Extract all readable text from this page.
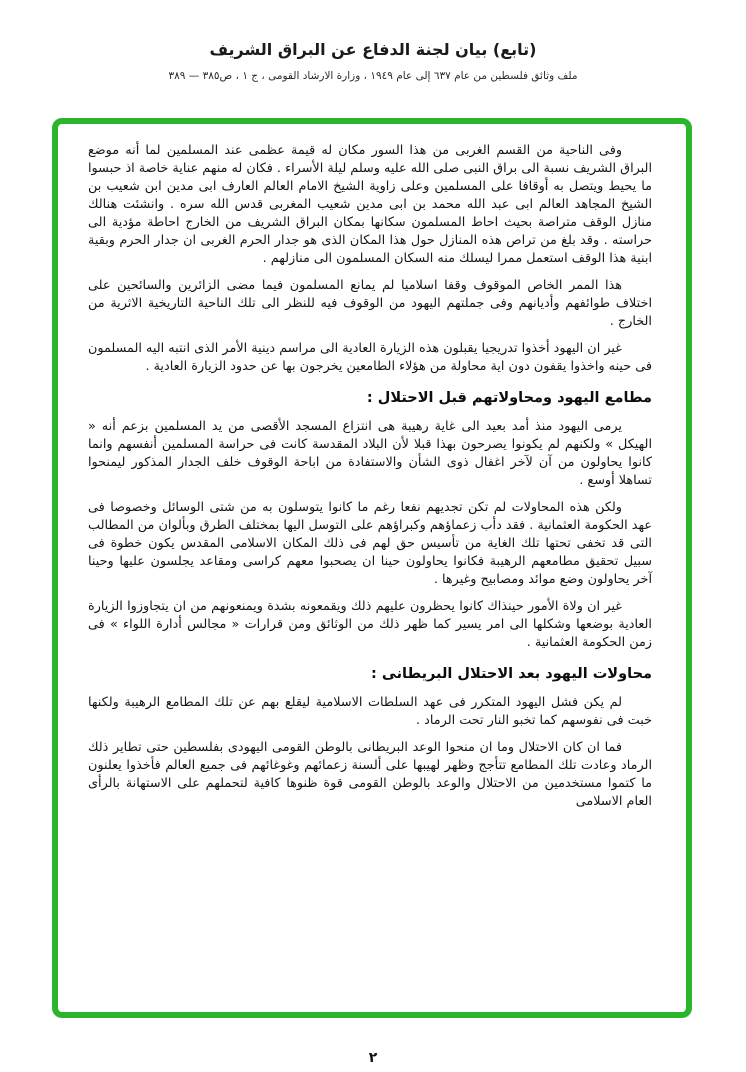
(تابع) بيان لجنة الدفاع عن البراق الشريف
ملف وثائق فلسطين من عام ٦٣٧ إلى عام ١٩٤٩ ، وزارة الارشاد القومى ، ج ١ ، ص٣٨٥ — ٣٨٩

وفى الناحية من القسم الغربى من هذا السور مكان له قيمة عظمى عند المسلمين لما أنه موضع البراق الشريف نسبة الى براق النبى صلى الله عليه وسلم ليلة الأسراء . فكان له منهم عناية خاصة اذ حبسوا ما يحيط ويتصل به أوقافا على المسلمين وعلى زاوية الشيخ الامام العالم العارف ابى مدين ابن شعيب بن الشيخ المجاهد العالم ابى عبد الله محمد بن ابى مدين شعيب المغربى قدس الله سره . وانشئت هنالك منازل الوقف متراصة بحيث احاط المسلمون سكانها بمكان البراق الشريف من الخارج احاطة مؤدية الى حراسته . وقد بلغ من تراص هذه المنازل حول هذا المكان الذى هو جدار الحرم الغربى ان جدار الحرم وبقية ابنية هذا الوقف استعمل ممرا ليسلك منه السكان المسلمون الى منازلهم .

هذا الممر الخاص الموقوف وقفا اسلاميا لم يمانع المسلمون فيما مضى الزائرين والسائحين على اختلاف طوائفهم وأديانهم وفى جملتهم اليهود من الوقوف فيه للنظر الى تلك الناحية التاريخية الاثرية من الخارج .

غير ان اليهود أخذوا تدريجيا يقبلون هذه الزيارة العادية الى مراسم دينية الأمر الذى انتبه اليه المسلمون فى حينه واخذوا يقفون دون اية محاولة من هؤلاء الطامعين يخرجون بها عن حدود الزيارة العادية .

مطامع اليهود ومحاولاتهم قبل الاحتلال :

يرمى اليهود منذ أمد بعيد الى غاية رهيبة هى انتزاع المسجد الأقصى من يد المسلمين بزعم أنه « الهيكل » ولكنهم لم يكونوا يصرحون بهذا قبلا لأن البلاد المقدسة كانت فى حراسة المسلمين أنفسهم وانما كانوا يحاولون من آن لآخر اغفال ذوى الشأن والاستفادة من اباحة الوقوف خلف الجدار المذكور ليمنحوا تساهلا أوسع .

ولكن هذه المحاولات لم تكن تجديهم نفعا رغم ما كانوا يتوسلون به من شتى الوسائل وخصوصا فى عهد الحكومة العثمانية . فقد دأب زعماؤهم وكبراؤهم على التوسل اليها بمختلف الطرق وبألوان من المطالب التى قد تخفى تحتها تلك الغاية من تأسيس حق لهم فى ذلك المكان الاسلامى المقدس يكون خطوة فى سبيل تحقيق مطامعهم الرهيبة فكانوا يحاولون حينا ان يصحبوا معهم كراسى ومقاعد يجلسون عليها وحينا آخر يحاولون وضع موائد ومصابيح وغيرها .

غير ان ولاة الأمور حينذاك كانوا يحظرون عليهم ذلك ويقمعونه بشدة ويمنعونهم من ان يتجاوزوا الزيارة العادية بوضعها وشكلها الى امر يسير كما ظهر ذلك من الوثائق ومن قرارات « مجالس أدارة اللواء » فى زمن الحكومة العثمانية .

محاولات اليهود بعد الاحتلال البريطانى :

لم يكن فشل اليهود المتكرر فى عهد السلطات الاسلامية ليقلع بهم عن تلك المطامع الرهيبة ولكنها خبت فى نفوسهم كما تخبو النار تحت الرماد .

فما ان كان الاحتلال وما ان منحوا الوعد البريطانى بالوطن القومى اليهودى بفلسطين حتى تطاير ذلك الرماد وعادت تلك المطامع تتأجج وظهر لهيبها على ألسنة زعمائهم وغوغائهم فى جميع العالم فأخذوا يعلنون ما كتموا مستخدمين من الاحتلال والوعد بالوطن القومى قوة ظنوها كافية لتحملهم على الاستهانة بالرأى العام الاسلامى

٢
